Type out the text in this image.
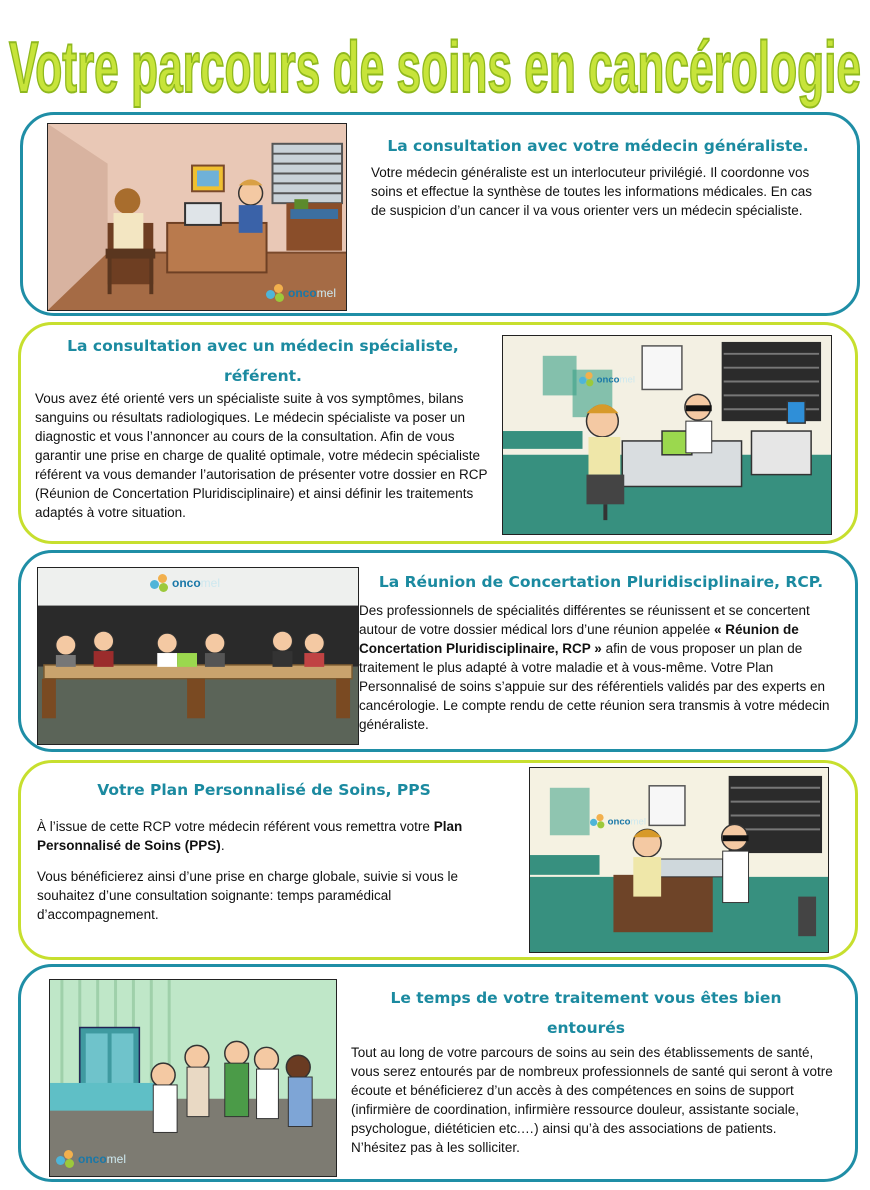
Votre parcours de soins en cancérologie
oncomel
La consultation avec votre médecin généraliste.

Votre médecin généraliste est un interlocuteur privilégié. Il coordonne vos soins et effectue la synthèse de toutes les informations médicales. En cas de suspicion d’un cancer il va vous orienter vers un médecin spécialiste.

La consultation avec un médecin spécialiste, référent.

Vous avez été orienté vers un spécialiste suite à vos symptômes, bilans sanguins ou résultats radiologiques. Le médecin spécialiste va poser un diagnostic et vous l’annoncer au cours de la consultation. Afin de vous garantir une prise en charge de qualité optimale, votre médecin spécialiste référent va vous demander l’autorisation de présenter votre dossier en RCP (Réunion de Concertation Pluridisciplinaire) et ainsi définir les traitements adaptés à votre situation.

oncomel
oncomel	La Réunion de Concertation Pluridisciplinaire, RCP.

Des professionnels de spécialités différentes se réunissent et se concertent autour de votre dossier médical lors d’une réunion appelée « Réunion de Concertation Pluridisciplinaire, RCP » afin de vous proposer un plan de traitement le plus adapté à votre maladie et à vous-même. Votre Plan Personnalisé de soins s’appuie sur des référentiels validés par des experts en cancérologie. Le compte rendu de cette réunion sera transmis à votre médecin généraliste.

Votre Plan Personnalisé de Soins, PPS

À l’issue de cette RCP votre médecin référent vous remettra votre Plan Personnalisé de Soins (PPS).

Vous bénéficierez ainsi d’une prise en charge globale, suivie si vous le souhaitez d’une consultation soignante: temps paramédical d’accompagnement.

oncomel
oncomel
Le temps de votre traitement vous êtes bien entourés

Tout au long de votre parcours de soins au sein des établissements de santé, vous serez entourés par de nombreux professionnels de santé qui seront à votre écoute et bénéficierez d’un accès à des compétences en soins de support (infirmière de coordination, infirmière ressource douleur, assistante sociale, psychologue, diététicien etc.…) ainsi qu’à des associations de patients. N’hésitez pas à les solliciter.
